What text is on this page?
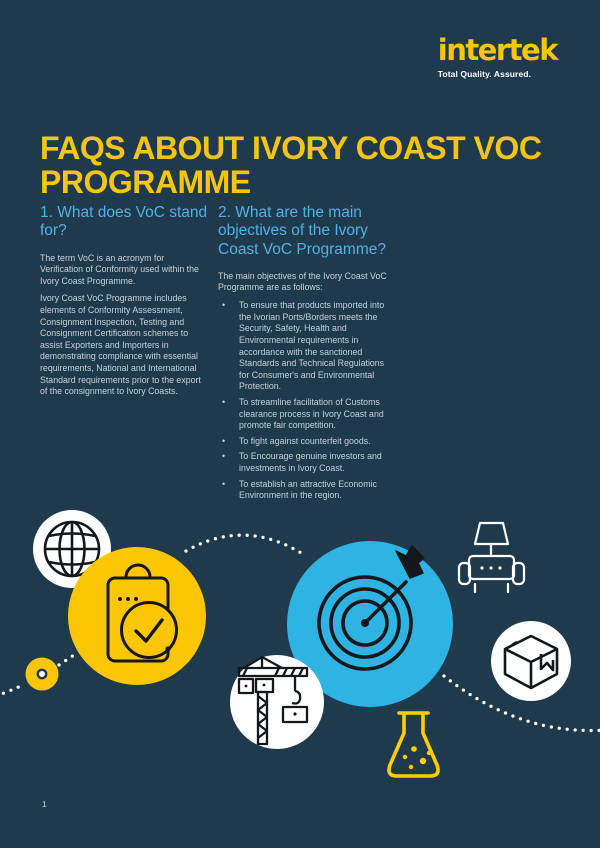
intertek
Total Quality. Assured.
FAQS ABOUT IVORY COAST VOC PROGRAMME
1. What does VoC stand for?

The term VoC is an acronym for Verification of Conformity used within the Ivory Coast Programme.

Ivory Coast VoC Programme includes elements of Conformity Assessment, Consignment Inspection, Testing and Consignment Certification schemes to assist Exporters and Importers in demonstrating compliance with essential requirements, National and International Standard requirements prior to the export of the consignment to Ivory Coasts.

2. What are the main objectives of the Ivory Coast VoC Programme?

The main objectives of the Ivory Coast VoC Programme are as follows:

• To ensure that products imported into the Ivorian Ports/Borders meets the Security, Safety, Health and Environmental requirements in accordance with the sanctioned Standards and Technical Regulations for Consumer's and Environmental Protection.
• To streamline facilitation of Customs clearance process in Ivory Coast and promote fair competition.
• To fight against counterfeit goods.
• To Encourage genuine investors and investments in Ivory Coast.
• To establish an attractive Economic Environment in the region.
1
